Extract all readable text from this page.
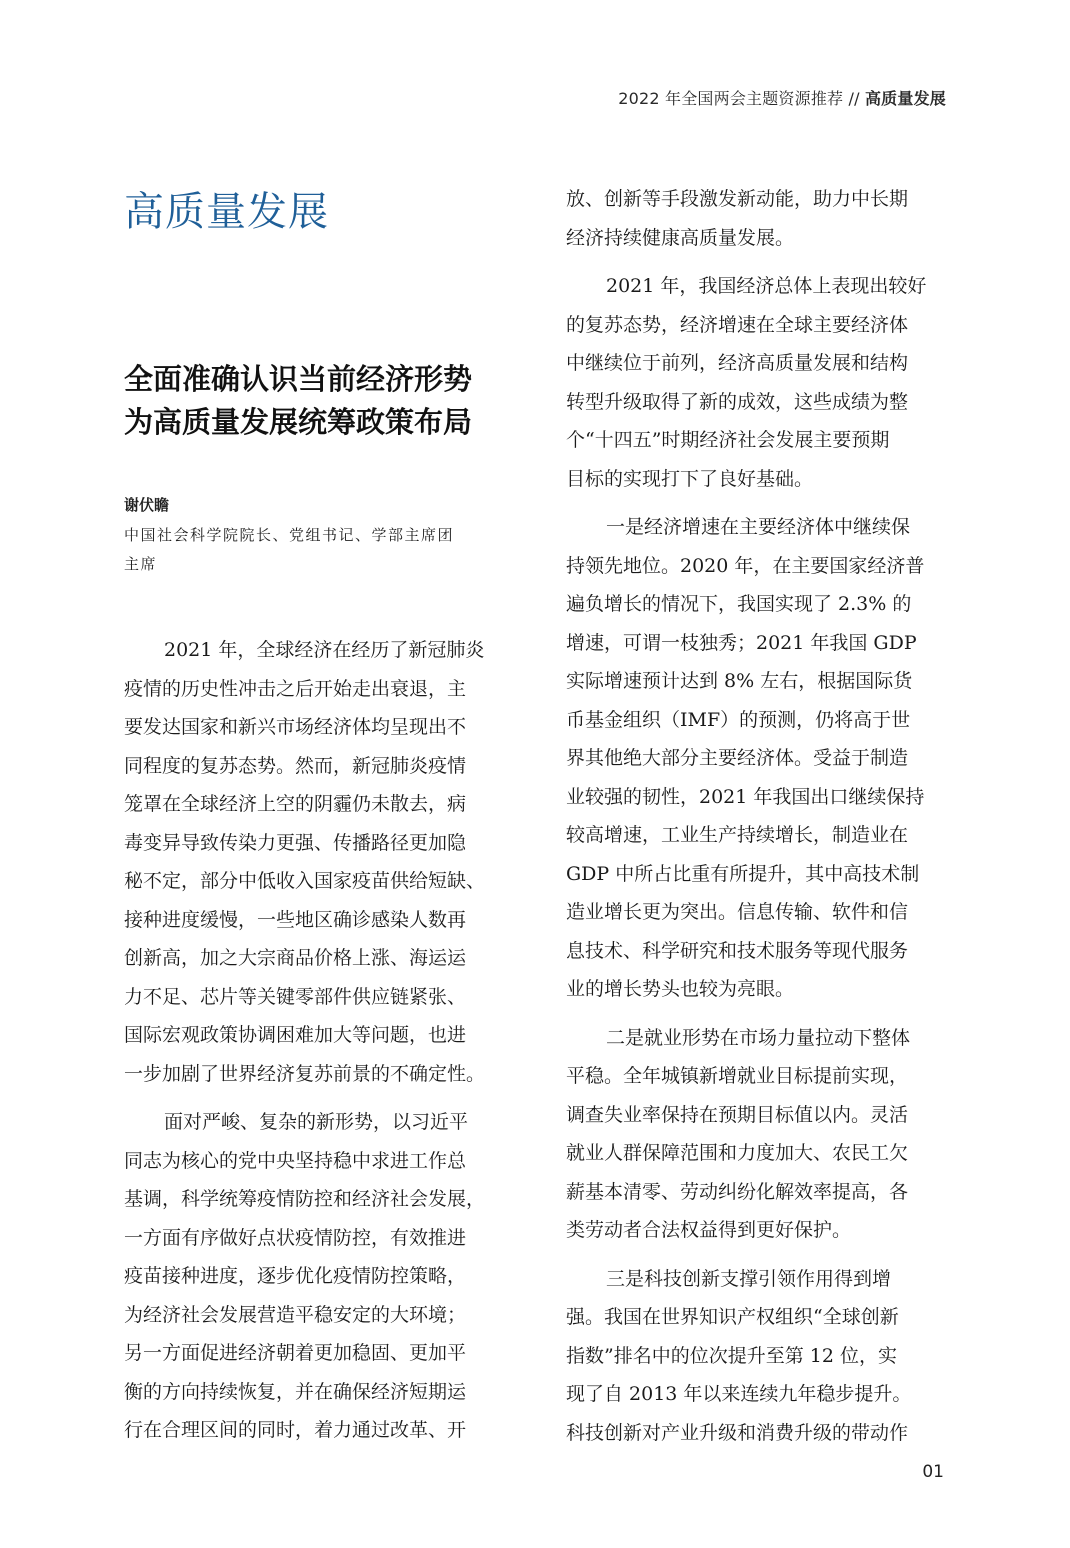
2022 年全国两会主题资源推荐 // 高质量发展
高质量发展
全面准确认识当前经济形势
为高质量发展统筹政策布局
谢伏瞻
中国社会科学院院长、党组书记、学部主席团
主席

2021 年，全球经济在经历了新冠肺炎
疫情的历史性冲击之后开始走出衰退，主
要发达国家和新兴市场经济体均呈现出不
同程度的复苏态势。然而，新冠肺炎疫情
笼罩在全球经济上空的阴霾仍未散去，病
毒变异导致传染力更强、传播路径更加隐
秘不定，部分中低收入国家疫苗供给短缺、
接种进度缓慢，一些地区确诊感染人数再
创新高，加之大宗商品价格上涨、海运运
力不足、芯片等关键零部件供应链紧张、
国际宏观政策协调困难加大等问题，也进
一步加剧了世界经济复苏前景的不确定性。

面对严峻、复杂的新形势，以习近平
同志为核心的党中央坚持稳中求进工作总
基调，科学统筹疫情防控和经济社会发展，
一方面有序做好点状疫情防控，有效推进
疫苗接种进度，逐步优化疫情防控策略，
为经济社会发展营造平稳安定的大环境；
另一方面促进经济朝着更加稳固、更加平
衡的方向持续恢复，并在确保经济短期运
行在合理区间的同时，着力通过改革、开

放、创新等手段激发新动能，助力中长期
经济持续健康高质量发展。

2021 年，我国经济总体上表现出较好
的复苏态势，经济增速在全球主要经济体
中继续位于前列，经济高质量发展和结构
转型升级取得了新的成效，这些成绩为整
个“十四五”时期经济社会发展主要预期
目标的实现打下了良好基础。

一是经济增速在主要经济体中继续保
持领先地位。2020 年，在主要国家经济普
遍负增长的情况下，我国实现了 2.3% 的
增速，可谓一枝独秀；2021 年我国 GDP
实际增速预计达到 8% 左右，根据国际货
币基金组织（IMF）的预测，仍将高于世
界其他绝大部分主要经济体。受益于制造
业较强的韧性，2021 年我国出口继续保持
较高增速，工业生产持续增长，制造业在
GDP 中所占比重有所提升，其中高技术制
造业增长更为突出。信息传输、软件和信
息技术、科学研究和技术服务等现代服务
业的增长势头也较为亮眼。

二是就业形势在市场力量拉动下整体
平稳。全年城镇新增就业目标提前实现，
调查失业率保持在预期目标值以内。灵活
就业人群保障范围和力度加大、农民工欠
薪基本清零、劳动纠纷化解效率提高，各
类劳动者合法权益得到更好保护。

三是科技创新支撑引领作用得到增
强。我国在世界知识产权组织“全球创新
指数”排名中的位次提升至第 12 位，实
现了自 2013 年以来连续九年稳步提升。
科技创新对产业升级和消费升级的带动作

01
